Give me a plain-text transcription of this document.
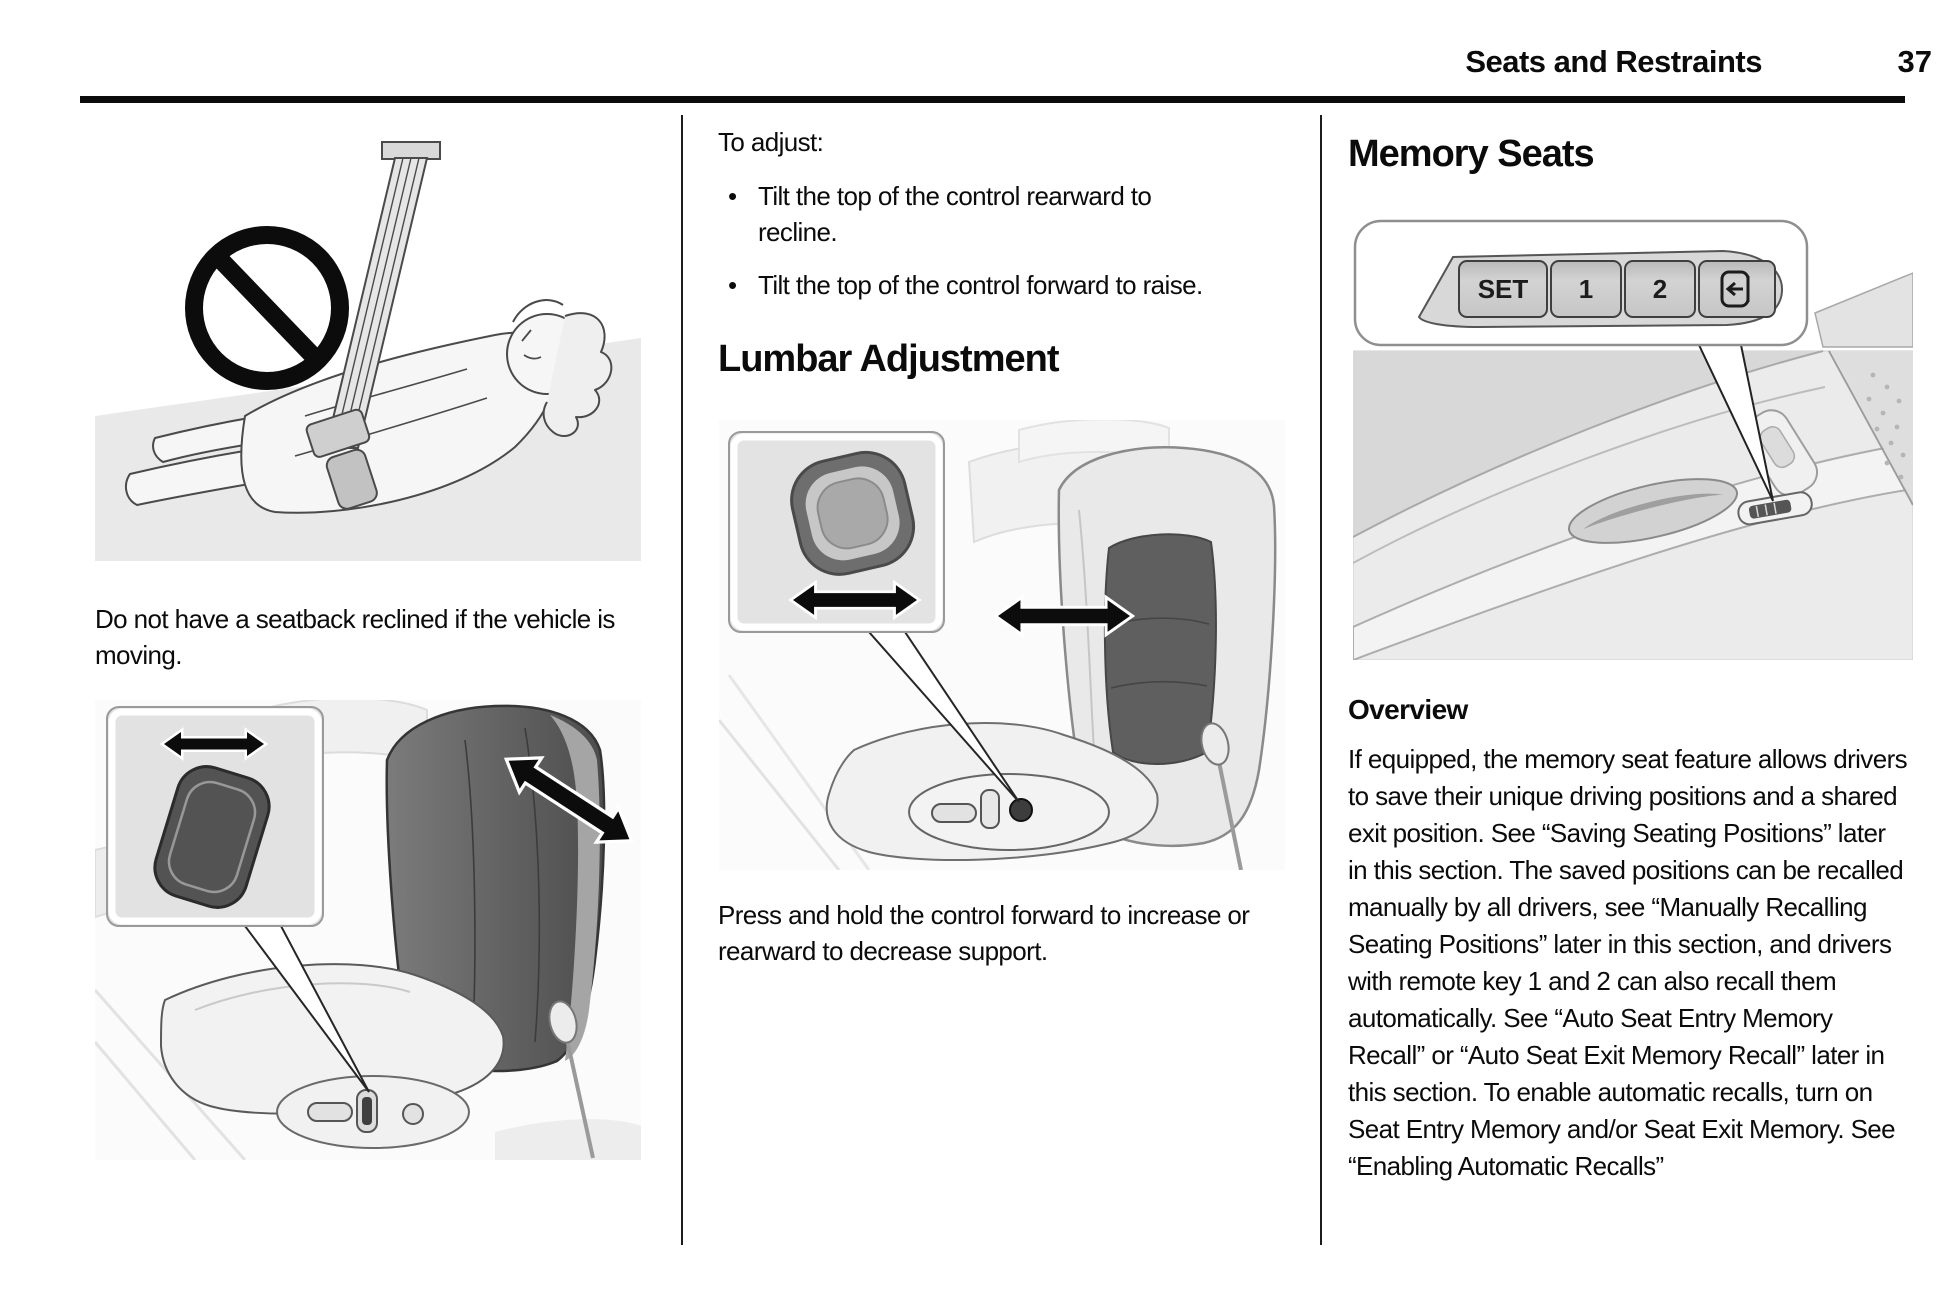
Seats and Restraints	37
Do not have a seatback reclined if the vehicle is moving.
To adjust:
• Tilt the top of the control rearward to recline.
• Tilt the top of the control forward to raise.
Lumbar Adjustment
Press and hold the control forward to increase or rearward to decrease support.
Memory Seats
SET 1 2
Overview
If equipped, the memory seat feature allows drivers to save their unique driving positions and a shared exit position. See “Saving Seating Positions” later in this section. The saved positions can be recalled manually by all drivers, see “Manually Recalling Seating Positions” later in this section, and drivers with remote key 1 and 2 can also recall them automatically. See “Auto Seat Entry Memory Recall” or “Auto Seat Exit Memory Recall” later in this section. To enable automatic recalls, turn on Seat Entry Memory and/or Seat Exit Memory. See “Enabling Automatic Recalls”
